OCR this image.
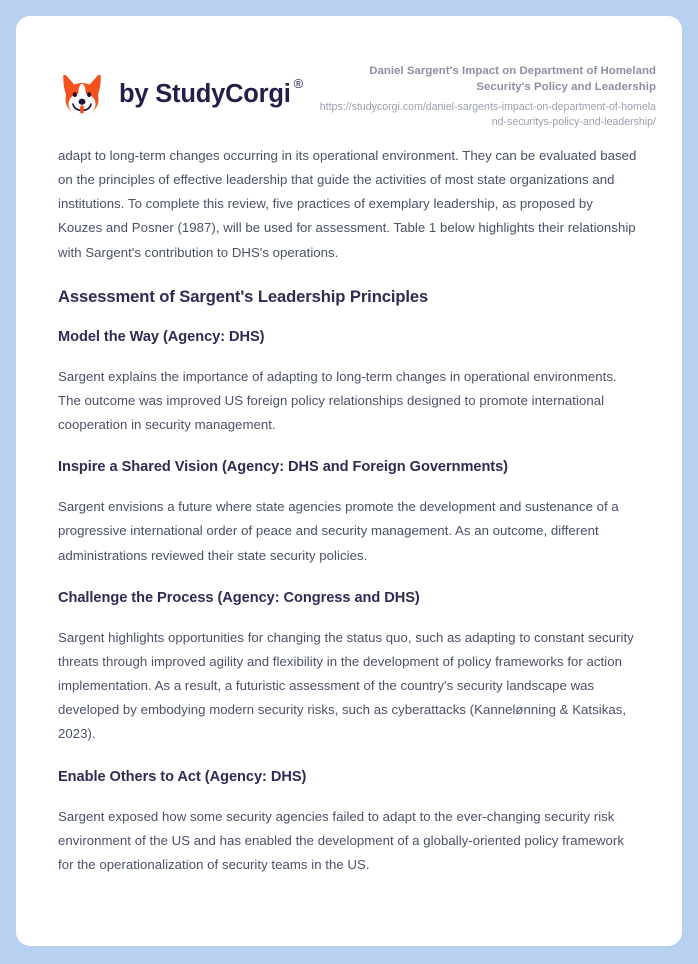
by StudyCorgi ®
Daniel Sargent's Impact on Department of Homeland Security's Policy and Leadership
https://studycorgi.com/daniel-sargents-impact-on-department-of-homeland-securitys-policy-and-leadership/

adapt to long-term changes occurring in its operational environment. They can be evaluated based on the principles of effective leadership that guide the activities of most state organizations and institutions. To complete this review, five practices of exemplary leadership, as proposed by Kouzes and Posner (1987), will be used for assessment. Table 1 below highlights their relationship with Sargent's contribution to DHS's operations.

Assessment of Sargent's Leadership Principles
Model the Way (Agency: DHS)

Sargent explains the importance of adapting to long-term changes in operational environments. The outcome was improved US foreign policy relationships designed to promote international cooperation in security management.

Inspire a Shared Vision (Agency: DHS and Foreign Governments)

Sargent envisions a future where state agencies promote the development and sustenance of a progressive international order of peace and security management. As an outcome, different administrations reviewed their state security policies.

Challenge the Process (Agency: Congress and DHS)

Sargent highlights opportunities for changing the status quo, such as adapting to constant security threats through improved agility and flexibility in the development of policy frameworks for action implementation. As a result, a futuristic assessment of the country's security landscape was developed by embodying modern security risks, such as cyberattacks (Kannelønning & Katsikas, 2023).

Enable Others to Act (Agency: DHS)

Sargent exposed how some security agencies failed to adapt to the ever-changing security risk environment of the US and has enabled the development of a globally-oriented policy framework for the operationalization of security teams in the US.
